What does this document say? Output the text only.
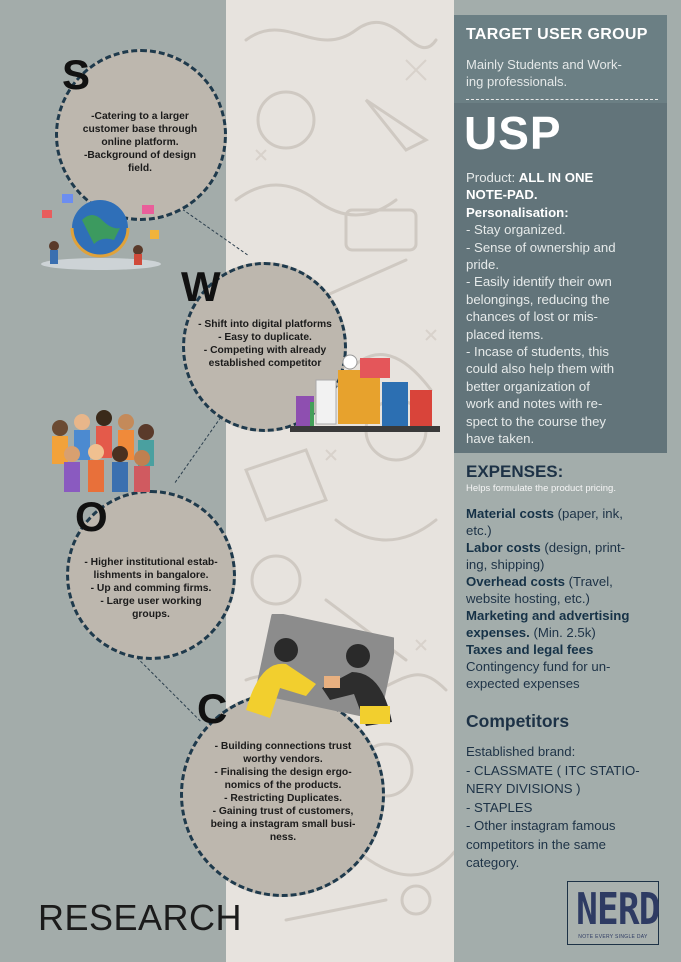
TARGET USER GROUP
Mainly Students and Work-
ing professionals.
USP
Product: ALL IN ONE
NOTE-PAD.
Personalisation:
- Stay organized.
- Sense of ownership and
pride.
- Easily identify their own
belongings, reducing the
chances of lost or mis-
placed items.
- Incase of students, this
could also help them with
better organization of
work and notes with re-
spect to the course they
have taken.
EXPENSES:
Helps formulate the product pricing.
Material costs (paper, ink,
etc.)
Labor costs (design, print-
ing, shipping)
Overhead costs (Travel,
website hosting, etc.)
Marketing and advertising
expenses. (Min. 2.5k)
Taxes and legal fees
Contingency fund for un-
expected expenses
Competitors
Established brand:
- CLASSMATE ( ITC STATIO-
NERY DIVISIONS )
- STAPLES
- Other instagram famous
competitors in the same
category.
S
-Catering to a larger
customer base through
online platform.
-Background of design
field.
W
- Shift into digital platforms
- Easy to duplicate.
- Competing with already
established competitor
O
- Higher institutional estab-
lishments in bangalore.
- Up and comming firms.
- Large user working
groups.
C
- Building connections trust
worthy vendors.
- Finalising the design ergo-
nomics of the products.
- Restricting Duplicates.
- Gaining trust of customers,
being a instagram small busi-
ness.
RESEARCH	NERD
NOTE EVERY SINGLE DAY
